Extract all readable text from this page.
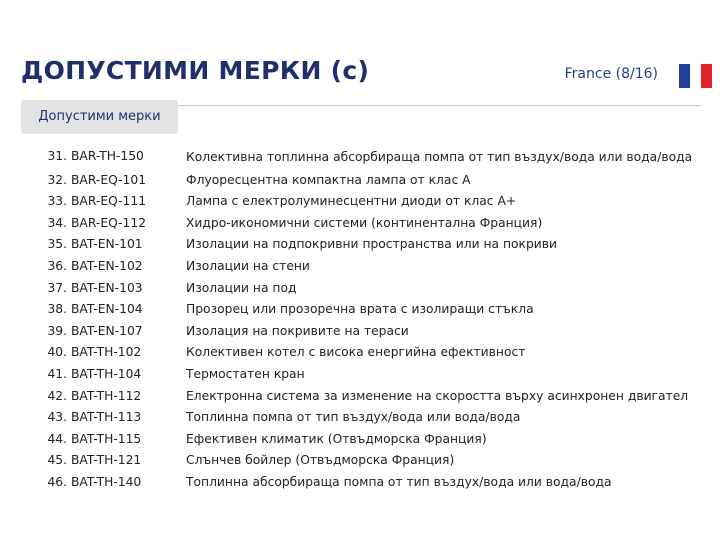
ДОПУСТИМИ МЕРКИ (с)	France (8/16)
Допустими мерки
31. BAR-TH-150	Колективна топлинна абсорбираща помпа от тип въздух/вода или вода/вода
32. BAR-EQ-101	Флуоресцентна компактна лампа от клас А
33. BAR-EQ-111	Лампа с електролуминесцентни диоди от клас А+
34. BAR-EQ-112	Хидро-икономични системи (континентална Франция)
35. BAT-EN-101	Изолации на подпокривни пространства или на покриви
36. BAT-EN-102	Изолации на стени
37. BAT-EN-103	Изолации на под
38. BAT-EN-104	Прозорец или прозоречна врата с изолиращи стъкла
39. BAT-EN-107	Изолация на покривите на тераси
40. BAT-TH-102	Колективен котел с висока енергийна ефективност
41. BAT-TH-104	Термостатен кран
42. BAT-TH-112	Електронна система за изменение на скоростта върху асинхронен двигател
43. BAT-TH-113	Топлинна помпа от тип въздух/вода или вода/вода
44. BAT-TH-115	Ефективен климатик (Отвъдморска Франция)
45. BAT-TH-121	Слънчев бойлер (Отвъдморска Франция)
46. BAT-TH-140	Топлинна абсорбираща помпа от тип въздух/вода или вода/вода
